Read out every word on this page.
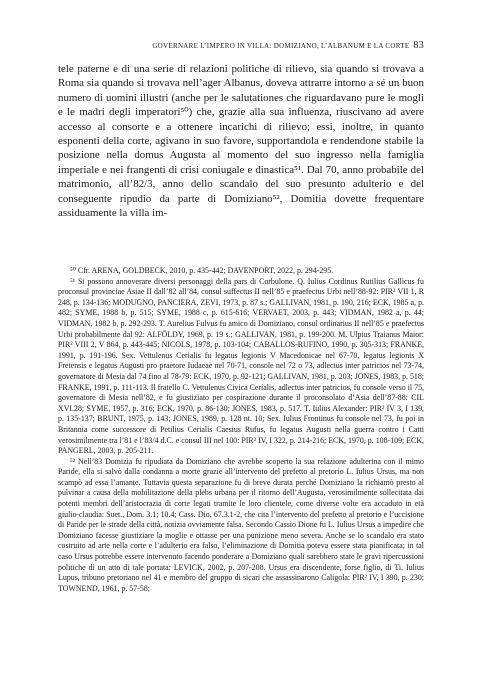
GOVERNARE L’IMPERO IN VILLA: DOMIZIANO, L’ALBANUM E LA CORTE 83

tele paterne e di una serie di relazioni politiche di rilievo, sia quando si trovava a Roma sia quando si trovava nell’ager Albanus, doveva attrarre intorno a sé un buon numero di uomini illustri (anche per le salutationes che riguardavano pure le mogli e le madri degli imperatori⁵⁰) che, grazie alla sua influenza, riuscivano ad avere accesso al consorte e a ottenere incarichi di rilievo; essi, inoltre, in quanto esponenti della corte, agivano in suo favore, supportandola e rendendone stabile la posizione nella domus Augusta al momento del suo ingresso nella famiglia imperiale e nei frangenti di crisi coniugale e dinastica⁵¹. Dal 70, anno probabile del matrimonio, all’82/3, anno dello scandalo del suo presunto adulterio e del conseguente ripudio da parte di Domiziano⁵², Domitia dovette frequentare assiduamente la villa im-

⁵⁰ Cfr. ARENA, GOLDBECK, 2010, p. 435-442; DAVENPORT, 2022, p. 294-295.

⁵¹ Si possono annoverare diversi personaggi della pars di Corbulone. Q. Iulius Cordinus Rutilius Gallicus fu proconsul provinciae Asiae II dall’82 all’84, consul suffectus II nell’85 e praefectus Urbi nell’88-92: PIR² VII 1, R 248, p. 134-136; MODUGNO, PANCIERA, ZEVI, 1973, p. 87 s.; GALLIVAN, 1981, p. 190, 216; ECK, 1985 a, p. 482; SYME, 1988 b, p. 515; SYME, 1988 c, p. 615-616; VERVAET, 2003, p. 443; VIDMAN, 1982 a, p. 44; VIDMAN, 1982 b, p. 292-293. T. Aurelius Fulvus fu amico di Domiziano, consul ordinarius II nell’85 e praefectus Urbi probabilmente dal 92: ALFÖLDY, 1969, p. 19 s.; GALLIVAN, 1981, p. 199-200. M. Ulpius Traianus Maior: PIR² VIII 2, V 864, p. 443-445; NICOLS, 1978, p. 103-104; CABALLOS-RUFINO, 1990, p. 305-313; FRANKE, 1991, p. 191-196. Sex. Vettulenus Cerialis fu legatus legionis V Macedonicae nel 67-70, legatus legionis X Fretensis e legatus Augusti pro praetore Iudaeae nel 70-71, console nel 72 o 73, adlectus inter patricios nel 73-74, governatore di Mesia dal 74 fino al 78-79: ECK, 1970, p. 92-121; GALLIVAN, 1981, p. 203; JONES, 1983, p. 518; FRANKE, 1991, p. 111-113. Il fratello C. Vettulenus Civica Cerialis, adlectus inter patricios, fu console verso il 75, governatore di Mesia nell’82, e fu giustiziato per cospirazione durante il proconsolato d’Asia dell’87-88: CIL XVI.28; SYME, 1957, p. 316; ECK, 1970, p. 86-130; JONES, 1983, p. 517. T. Iulius Alexander: PIR² IV 3, I 139, p. 135-137; BRUNT, 1975, p. 143; JONES, 1989, p. 128 nt. 10; Sex. Iulius Frontinus fu console nel 73, fu poi in Britannia come successore di Petilius Cerialis Caesius Rufus, fu legatus Augusti nella guerra contro i Catti verosimilmente tra l’81 e l’83/4 d.C. e consul III nel 100: PIR² IV, I 322, p. 214-216; ECK, 1970, p. 108-109; ECK, PANGERL, 2003, p. 205-211.

⁵² Nell’83 Domizia fu ripudiata da Domiziano che avrebbe scoperto la sua relazione adulterina con il mimo Paride, ella si salvò dalla condanna a morte grazie all’intervento del prefetto al pretorio L. Iulius Ursus, ma non scampò ad essa l’amante. Tuttavia questa separazione fu di breve durata perché Domiziano la richiamò presto al pulvinar a causa della mobilitazione della plebs urbana per il ritorno dell’Augusta, verosimilmente sollecitata dai potenti membri dell’aristocrazia di corte legati tramite le loro clientele, come diverse volte era accaduto in età giulio-claudia: Suet., Dom. 3.1; 10.4; Cass. Dio, 67.3.1-2, che cita l’intervento del prefetto al pretorio e l’uccisione di Paride per le strade della città, notizia ovviamente falsa. Secondo Cassio Dione fu L. Iulius Ursus a impedire che Domiziano facesse giustiziare la moglie e ottasse per una punizione meno severa. Anche se lo scandalo era stato costruito ad arte nella corte e l’adulterio era falso, l’eliminazione di Domitia poteva essere stata pianificata; in tal caso Ursus potrebbe essere intervenuto facendo ponderare a Domiziano quali sarebbero state le gravi ripercussioni politiche di un atto di tale portata: LEVICK, 2002, p. 207-208. Ursus era discendente, forse figlio, di Ti. Iulius Lupus, tribuno pretoriano nel 41 e membro del gruppo di sicari che assassinarono Caligola: PIR² IV, I 390, p. 230; TOWNEND, 1961, p. 57-58;
